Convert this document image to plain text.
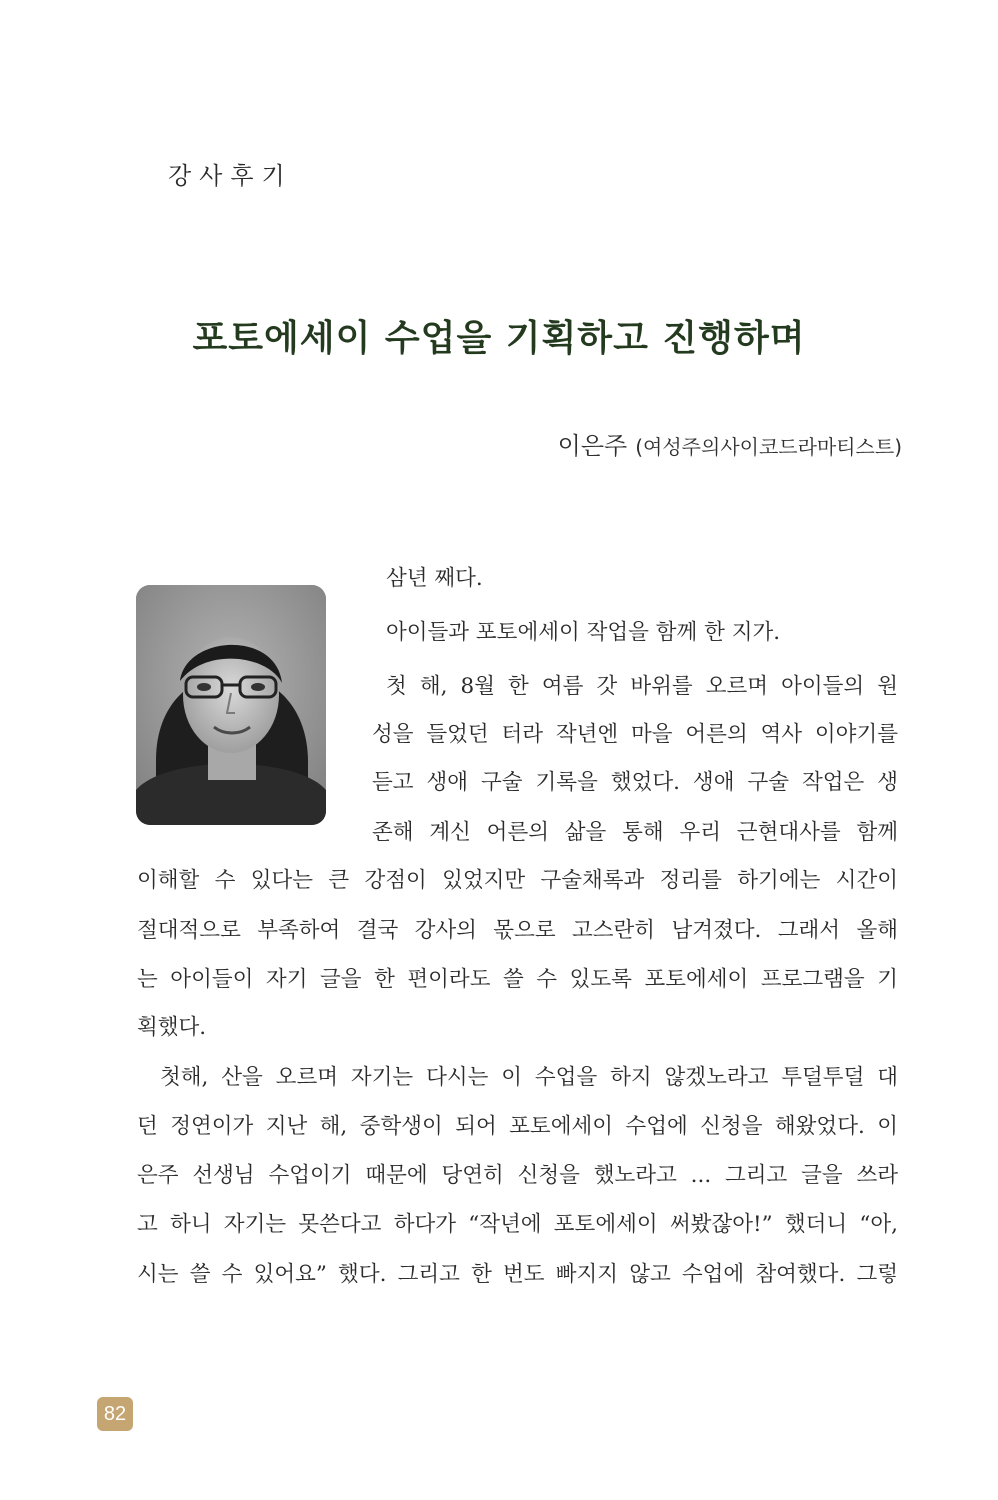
강사후기
포토에세이 수업을 기획하고 진행하며
이은주 (여성주의사이코드라마티스트)
삼년 째다.
아이들과 포토에세이 작업을 함께 한 지가.
첫 해, 8월 한 여름 갓 바위를 오르며 아이들의 원
성을 들었던 터라 작년엔 마을 어른의 역사 이야기를
듣고 생애 구술 기록을 했었다. 생애 구술 작업은 생
존해 계신 어른의 삶을 통해 우리 근현대사를 함께
이해할 수 있다는 큰 강점이 있었지만 구술채록과 정리를 하기에는 시간이
절대적으로 부족하여 결국 강사의 몫으로 고스란히 남겨졌다. 그래서 올해
는 아이들이 자기 글을 한 편이라도 쓸 수 있도록 포토에세이 프로그램을 기
획했다.
첫해, 산을 오르며 자기는 다시는 이 수업을 하지 않겠노라고 투덜투덜 대
던 정연이가 지난 해, 중학생이 되어 포토에세이 수업에 신청을 해왔었다. 이
은주 선생님 수업이기 때문에 당연히 신청을 했노라고 ... 그리고 글을 쓰라
고 하니 자기는 못쓴다고 하다가 “작년에 포토에세이 써봤잖아!” 했더니 “아,
시는 쓸 수 있어요” 했다. 그리고 한 번도 빠지지 않고 수업에 참여했다. 그렇
82
